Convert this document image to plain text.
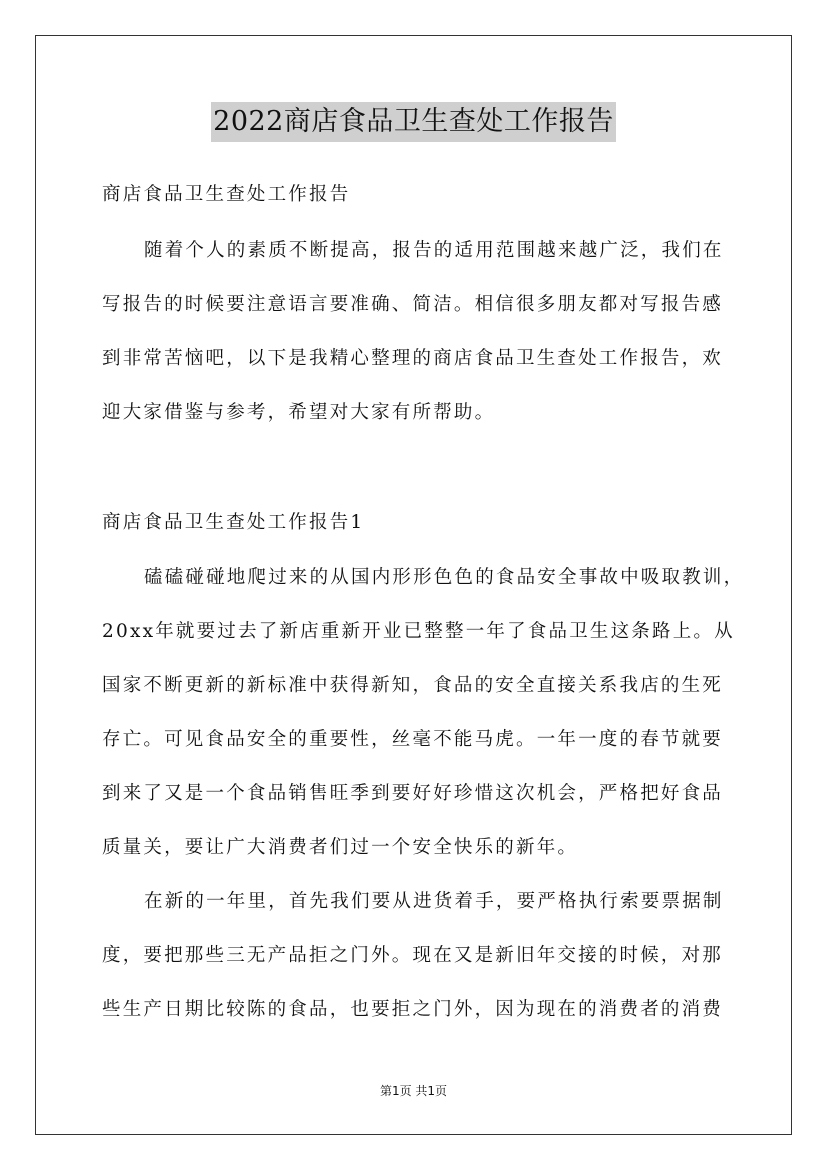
2022商店食品卫生查处工作报告
商店食品卫生查处工作报告
随着个人的素质不断提高，报告的适用范围越来越广泛，我们在
写报告的时候要注意语言要准确、简洁。相信很多朋友都对写报告感
到非常苦恼吧，以下是我精心整理的商店食品卫生查处工作报告，欢
迎大家借鉴与参考，希望对大家有所帮助。
商店食品卫生查处工作报告1
磕磕碰碰地爬过来的从国内形形色色的食品安全事故中吸取教训，
20xx年就要过去了新店重新开业已整整一年了食品卫生这条路上。从
国家不断更新的新标准中获得新知，食品的安全直接关系我店的生死
存亡。可见食品安全的重要性，丝毫不能马虎。一年一度的春节就要
到来了又是一个食品销售旺季到要好好珍惜这次机会，严格把好食品
质量关，要让广大消费者们过一个安全快乐的新年。
在新的一年里，首先我们要从进货着手，要严格执行索要票据制
度，要把那些三无产品拒之门外。现在又是新旧年交接的时候，对那
些生产日期比较陈的食品，也要拒之门外，因为现在的消费者的消费
第1页 共1页
